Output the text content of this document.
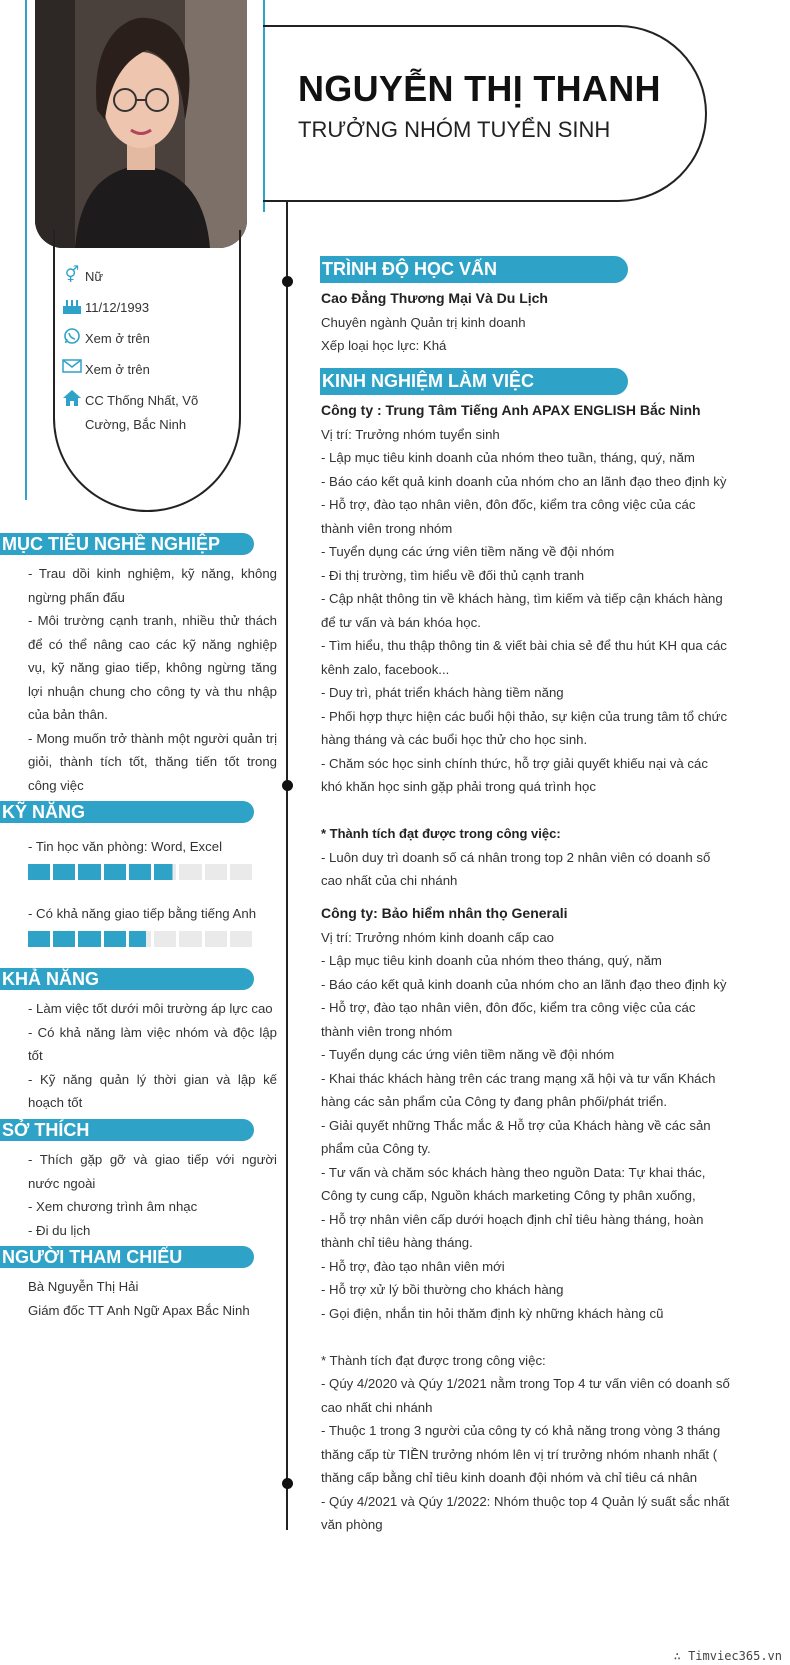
⚥ Nữ
11/12/1993
Xem ở trên
Xem ở trên
CC Thống Nhất, Võ Cường, Bắc Ninh
NGUYỄN THỊ THANH
TRƯỞNG NHÓM TUYỂN SINH
MỤC TIÊU NGHỀ NGHIỆP

- Trau dồi kinh nghiệm, kỹ năng, không ngừng phấn đấu

- Môi trường cạnh tranh, nhiều thử thách để có thể nâng cao các kỹ năng nghiệp vụ, kỹ năng giao tiếp, không ngừng tăng lợi nhuận chung cho công ty và thu nhập của bản thân.

- Mong muốn trở thành một người quản trị giỏi, thành tích tốt, thăng tiến tốt trong công việc

KỸ NĂNG
- Tin học văn phòng: Word, Excel
- Có khả năng giao tiếp bằng tiếng Anh
KHẢ NĂNG

- Làm việc tốt dưới môi trường áp lực cao

- Có khả năng làm việc nhóm và độc lập tốt

- Kỹ năng quản lý thời gian và lập kế hoạch tốt

SỞ THÍCH

- Thích gặp gỡ và giao tiếp với người nước ngoài

- Xem chương trình âm nhạc

- Đi du lịch

NGƯỜI THAM CHIẾU

Bà Nguyễn Thị Hải

Giám đốc TT Anh Ngữ Apax Bắc Ninh

TRÌNH ĐỘ HỌC VẤN

Cao Đẳng Thương Mại Và Du Lịch

Chuyên ngành Quản trị kinh doanh

Xếp loại học lực: Khá

KINH NGHIỆM LÀM VIỆC

Công ty : Trung Tâm Tiếng Anh APAX ENGLISH Bắc Ninh

Vị trí: Trưởng nhóm tuyển sinh

- Lập mục tiêu kinh doanh của nhóm theo tuần, tháng, quý, năm

- Báo cáo kết quả kinh doanh của nhóm cho an lãnh đạo theo định kỳ

- Hỗ trợ, đào tạo nhân viên, đôn đốc, kiểm tra công việc của các thành viên trong nhóm

- Tuyển dụng các ứng viên tiềm năng về đội nhóm

- Đi thị trường, tìm hiểu về đối thủ cạnh tranh

- Cập nhật thông tin về khách hàng, tìm kiếm và tiếp cận khách hàng để tư vấn và bán khóa học.

- Tìm hiểu, thu thập thông tin & viết bài chia sẻ để thu hút KH qua các kênh zalo, facebook...

- Duy trì, phát triển khách hàng tiềm năng

- Phối hợp thực hiện các buổi hội thảo, sự kiện của trung tâm tổ chức hàng tháng và các buổi học thử cho học sinh.

- Chăm sóc học sinh chính thức, hỗ trợ giải quyết khiếu nại và các khó khăn học sinh gặp phải trong quá trình học

* Thành tích đạt được trong công việc:

- Luôn duy trì doanh số cá nhân trong top 2 nhân viên có doanh số cao nhất của chi nhánh

Công ty: Bảo hiểm nhân thọ Generali

Vị trí: Trưởng nhóm kinh doanh cấp cao

- Lập mục tiêu kinh doanh của nhóm theo tháng, quý, năm

- Báo cáo kết quả kinh doanh của nhóm cho an lãnh đạo theo định kỳ

- Hỗ trợ, đào tạo nhân viên, đôn đốc, kiểm tra công việc của các thành viên trong nhóm

- Tuyển dụng các ứng viên tiềm năng về đội nhóm

- Khai thác khách hàng trên các trang mạng xã hội và tư vấn Khách hàng các sản phẩm của Công ty đang phân phối/phát triển.

- Giải quyết những Thắc mắc & Hỗ trợ của Khách hàng về các sản phẩm của Công ty.

- Tư vấn và chăm sóc khách hàng theo nguồn Data: Tự khai thác, Công ty cung cấp, Nguồn khách marketing Công ty phân xuống,

- Hỗ trợ nhân viên cấp dưới hoạch định chỉ tiêu hàng tháng, hoàn thành chỉ tiêu hàng tháng.

- Hỗ trợ, đào tạo nhân viên mới

- Hỗ trợ xử lý bồi thường cho khách hàng

- Gọi điện, nhắn tin hỏi thăm định kỳ những khách hàng cũ

* Thành tích đạt được trong công việc:

- Qúy 4/2020 và Qúy 1/2021 nằm trong Top 4 tư vấn viên có doanh số cao nhất chi nhánh

- Thuộc 1 trong 3 người của công ty có khả năng trong vòng 3 tháng thăng cấp từ TIỀN trưởng nhóm lên vị trí trưởng nhóm nhanh nhất ( thăng cấp bằng chỉ tiêu kinh doanh đội nhóm và chỉ tiêu cá nhân

- Qúy 4/2021 và Qúy 1/2022: Nhóm thuộc top 4 Quản lý suất sắc nhất văn phòng

∴ Timviec365.vn
